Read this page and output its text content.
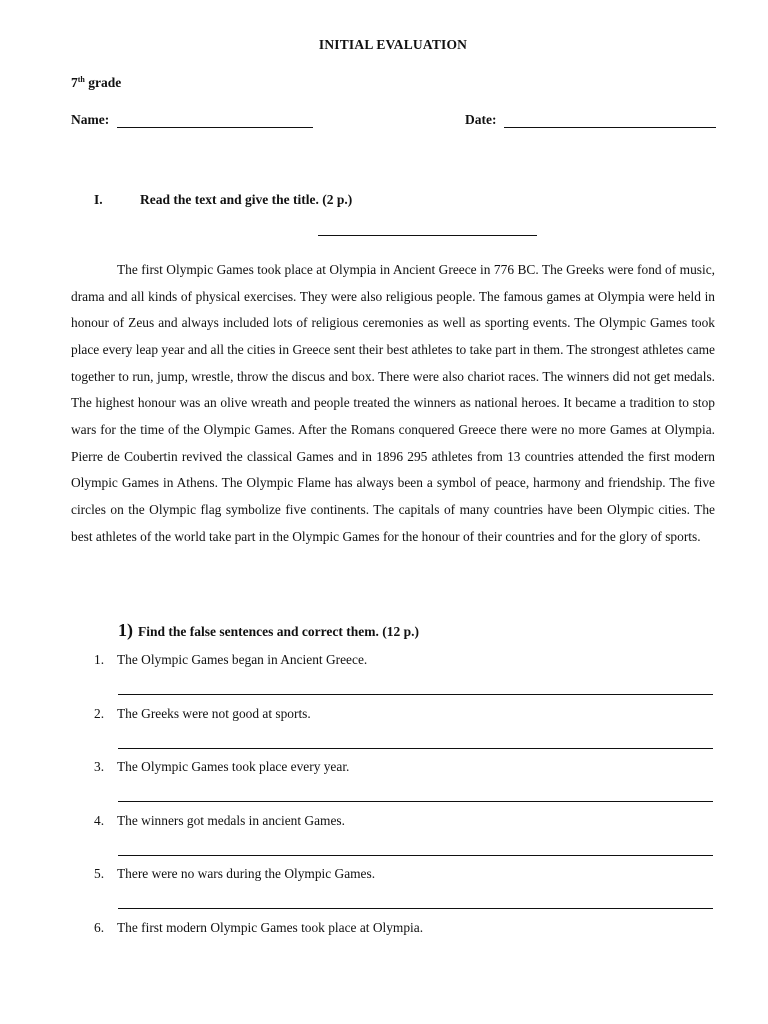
INITIAL EVALUATION
7th grade
Name:	Date:
I.	Read the text and give the title. (2 p.)

The first Olympic Games took place at Olympia in Ancient Greece in 776 BC. The Greeks were fond of music, drama and all kinds of physical exercises. They were also religious people. The famous games at Olympia were held in honour of Zeus and always included lots of religious ceremonies as well as sporting events. The Olympic Games took place every leap year and all the cities in Greece sent their best athletes to take part in them. The strongest athletes came together to run, jump, wrestle, throw the discus and box. There were also chariot races. The winners did not get medals. The highest honour was an olive wreath and people treated the winners as national heroes. It became a tradition to stop wars for the time of the Olympic Games. After the Romans conquered Greece there were no more Games at Olympia. Pierre de Coubertin revived the classical Games and in 1896 295 athletes from 13 countries attended the first modern Olympic Games in Athens. The Olympic Flame has always been a symbol of peace, harmony and friendship. The five circles on the Olympic flag symbolize five continents. The capitals of many countries have been Olympic cities. The best athletes of the world take part in the Olympic Games for the honour of their countries and for the glory of sports.

1) Find the false sentences and correct them. (12 p.)
1. The Olympic Games began in Ancient Greece.
2. The Greeks were not good at sports.
3. The Olympic Games took place every year.
4. The winners got medals in ancient Games.
5. There were no wars during the Olympic Games.
6. The first modern Olympic Games took place at Olympia.
